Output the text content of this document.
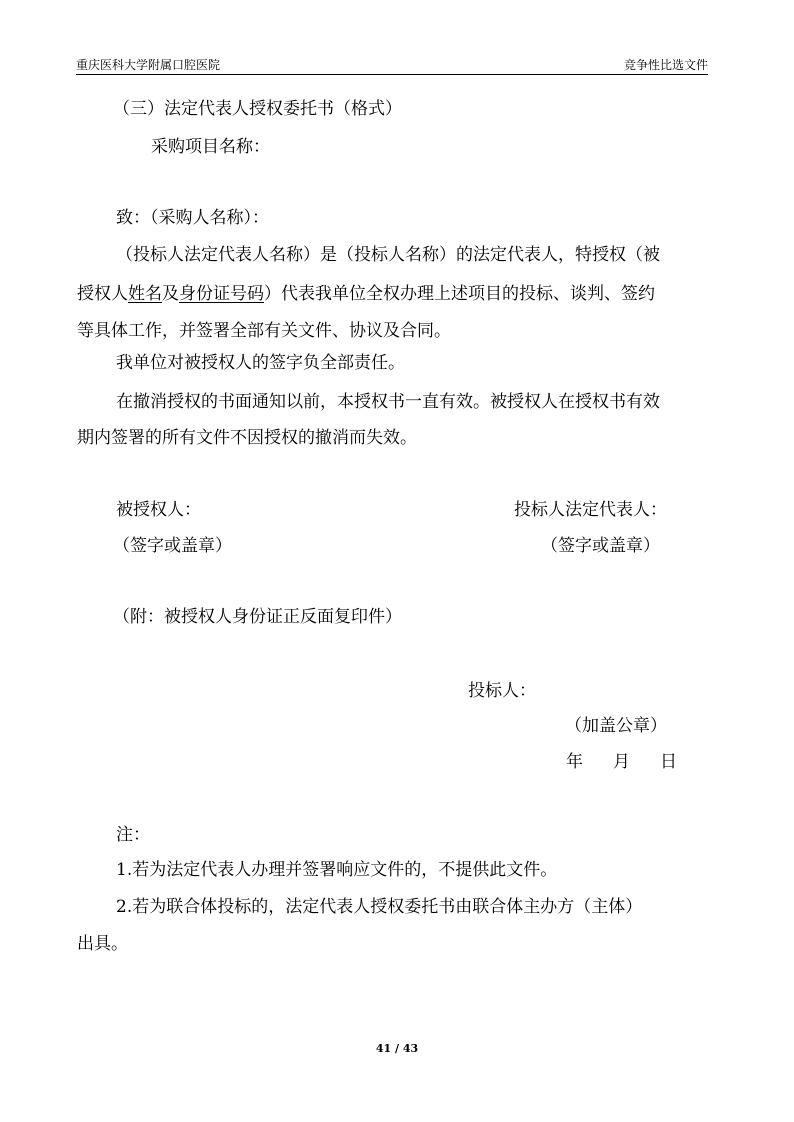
重庆医科大学附属口腔医院	竞争性比选文件
（三）法定代表人授权委托书（格式）
采购项目名称：
致：（采购人名称）：
（投标人法定代表人名称）是（投标人名称）的法定代表人，特授权（被
授权人姓名及身份证号码）代表我单位全权办理上述项目的投标、谈判、签约
等具体工作，并签署全部有关文件、协议及合同。
我单位对被授权人的签字负全部责任。
在撤消授权的书面通知以前，本授权书一直有效。被授权人在授权书有效
期内签署的所有文件不因授权的撤消而失效。
被授权人：	投标人法定代表人：
（签字或盖章）	（签字或盖章）
（附：被授权人身份证正反面复印件）
投标人：
（加盖公章）
年 月 日
注：
1.若为法定代表人办理并签署响应文件的，不提供此文件。
2.若为联合体投标的，法定代表人授权委托书由联合体主办方（主体）
出具。
41 / 43
